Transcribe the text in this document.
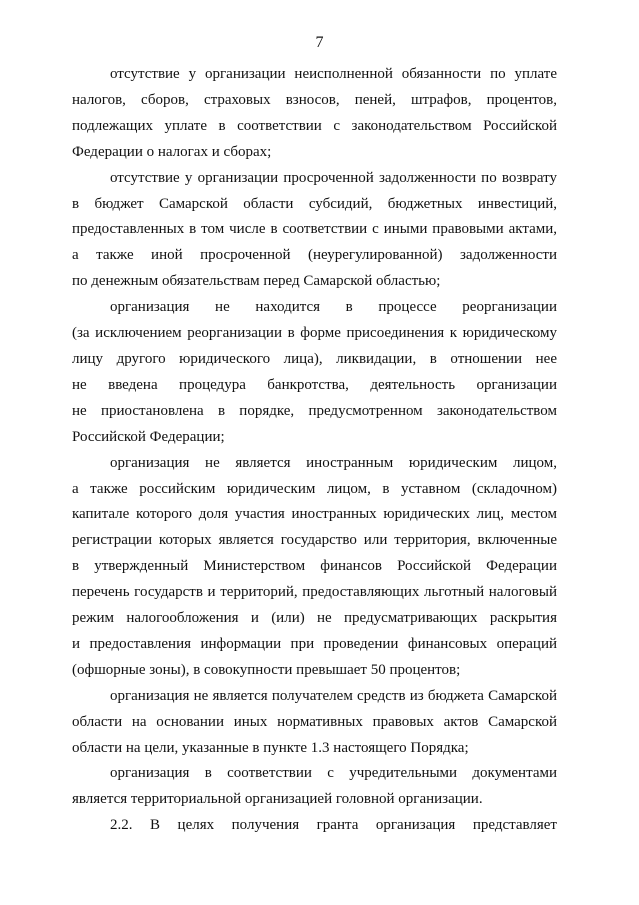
7
отсутствие у организации неисполненной обязанности по уплате
налогов, сборов, страховых взносов, пеней, штрафов, процентов,
подлежащих уплате в соответствии с законодательством Российской
Федерации о налогах и сборах;
отсутствие у организации просроченной задолженности по возврату
в бюджет Самарской области субсидий, бюджетных инвестиций,
предоставленных в том числе в соответствии с иными правовыми актами,
а также иной просроченной (неурегулированной) задолженности
по денежным обязательствам перед Самарской областью;
организация не находится в процессе реорганизации
(за исключением реорганизации в форме присоединения к юридическому
лицу другого юридического лица), ликвидации, в отношении нее
не введена процедура банкротства, деятельность организации
не приостановлена в порядке, предусмотренном законодательством
Российской Федерации;
организация не является иностранным юридическим лицом,
а также российским юридическим лицом, в уставном (складочном)
капитале которого доля участия иностранных юридических лиц, местом
регистрации которых является государство или территория, включенные
в утвержденный Министерством финансов Российской Федерации
перечень государств и территорий, предоставляющих льготный налоговый
режим налогообложения и (или) не предусматривающих раскрытия
и предоставления информации при проведении финансовых операций
(офшорные зоны), в совокупности превышает 50 процентов;
организация не является получателем средств из бюджета Самарской
области на основании иных нормативных правовых актов Самарской
области на цели, указанные в пункте 1.3 настоящего Порядка;
организация в соответствии с учредительными документами
является территориальной организацией головной организации.
2.2. В целях получения гранта организация представляет
